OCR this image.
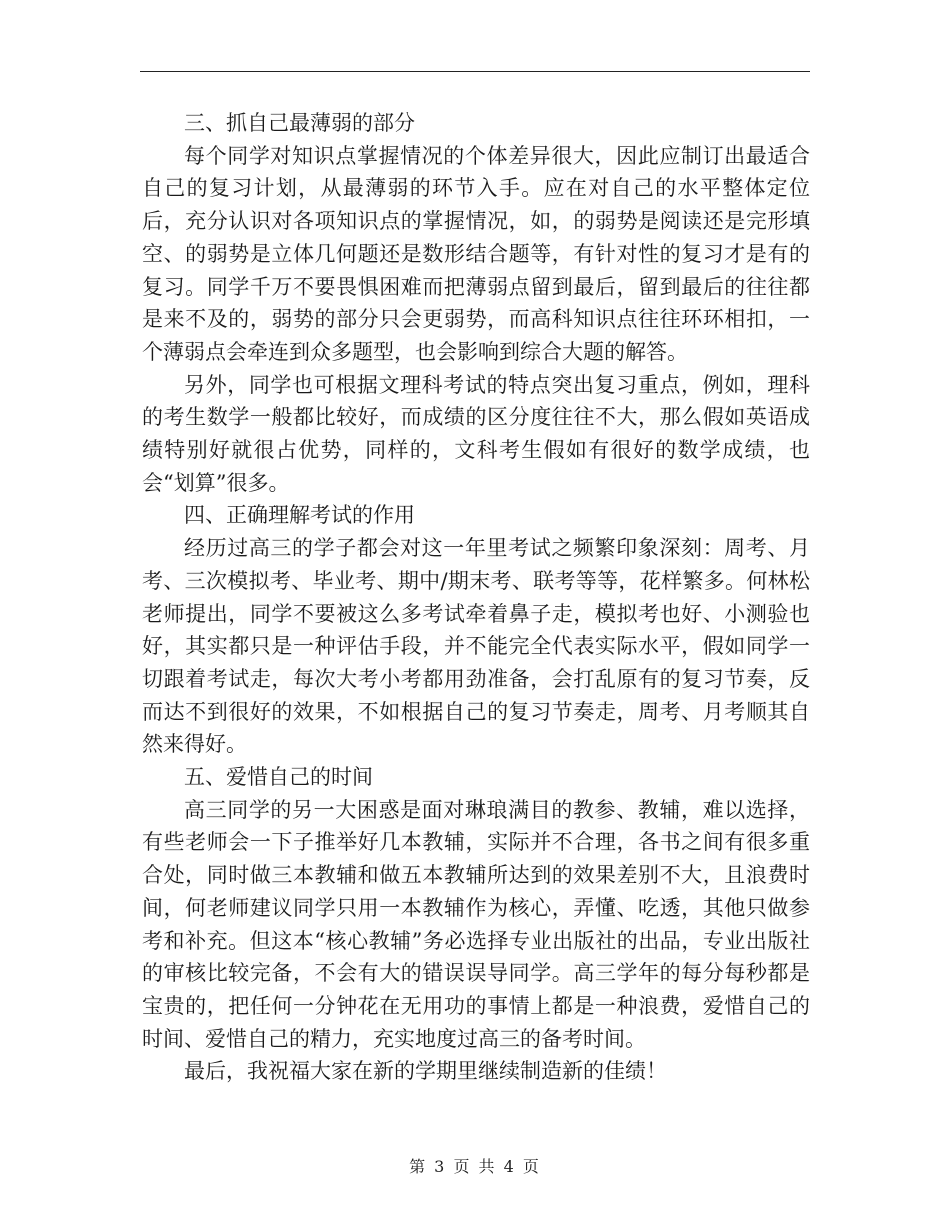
三、抓自己最薄弱的部分

每个同学对知识点掌握情况的个体差异很大，因此应制订出最适合自己的复习计划，从最薄弱的环节入手。应在对自己的水平整体定位后，充分认识对各项知识点的掌握情况，如，的弱势是阅读还是完形填空、的弱势是立体几何题还是数形结合题等，有针对性的复习才是有的复习。同学千万不要畏惧困难而把薄弱点留到最后，留到最后的往往都是来不及的，弱势的部分只会更弱势，而高科知识点往往环环相扣，一个薄弱点会牵连到众多题型，也会影响到综合大题的解答。

另外，同学也可根据文理科考试的特点突出复习重点，例如，理科的考生数学一般都比较好，而成绩的区分度往往不大，那么假如英语成绩特别好就很占优势，同样的，文科考生假如有很好的数学成绩，也会“划算”很多。

四、正确理解考试的作用

经历过高三的学子都会对这一年里考试之频繁印象深刻：周考、月考、三次模拟考、毕业考、期中/期末考、联考等等，花样繁多。何林松老师提出，同学不要被这么多考试牵着鼻子走，模拟考也好、小测验也好，其实都只是一种评估手段，并不能完全代表实际水平，假如同学一切跟着考试走，每次大考小考都用劲准备，会打乱原有的复习节奏，反而达不到很好的效果，不如根据自己的复习节奏走，周考、月考顺其自然来得好。

五、爱惜自己的时间

高三同学的另一大困惑是面对琳琅满目的教参、教辅，难以选择，有些老师会一下子推举好几本教辅，实际并不合理，各书之间有很多重合处，同时做三本教辅和做五本教辅所达到的效果差别不大，且浪费时间，何老师建议同学只用一本教辅作为核心，弄懂、吃透，其他只做参考和补充。但这本“核心教辅”务必选择专业出版社的出品，专业出版社的审核比较完备，不会有大的错误误导同学。高三学年的每分每秒都是宝贵的，把任何一分钟花在无用功的事情上都是一种浪费，爱惜自己的时间、爱惜自己的精力，充实地度过高三的备考时间。

最后，我祝福大家在新的学期里继续制造新的佳绩！

第 3 页 共 4 页
